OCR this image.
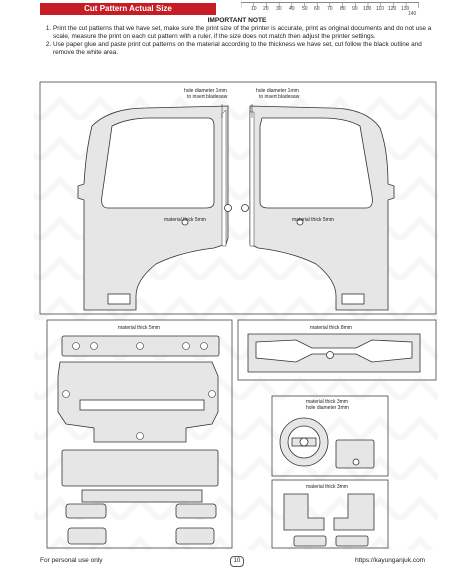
Cut Pattern Actual Size	10 20 30 40 50 60 70 80 90 100 110 120 130
140
IMPORTANT NOTE
1. Print the cut patterns that we have set, make sure the print size of the printer is accurate, print as original documents and do not use a scale, measure the print on each cut pattern with a ruler, if the size does not match then adjust the printer settings.
2. Use paper glue and paste print cut patterns on the material according to the thickness we have set, cut follow the black outline and remove the white area.
hole diameter 1mm
to insert bladesaw
hole diameter 1mm
to insert bladesaw
material thick 5mm	material thick 5mm
material thick 5mm	material thick 8mm
material thick 3mm
hole diameter 3mm
material thick 3mm
For personal use only	10	https://kayunganjuk.com
